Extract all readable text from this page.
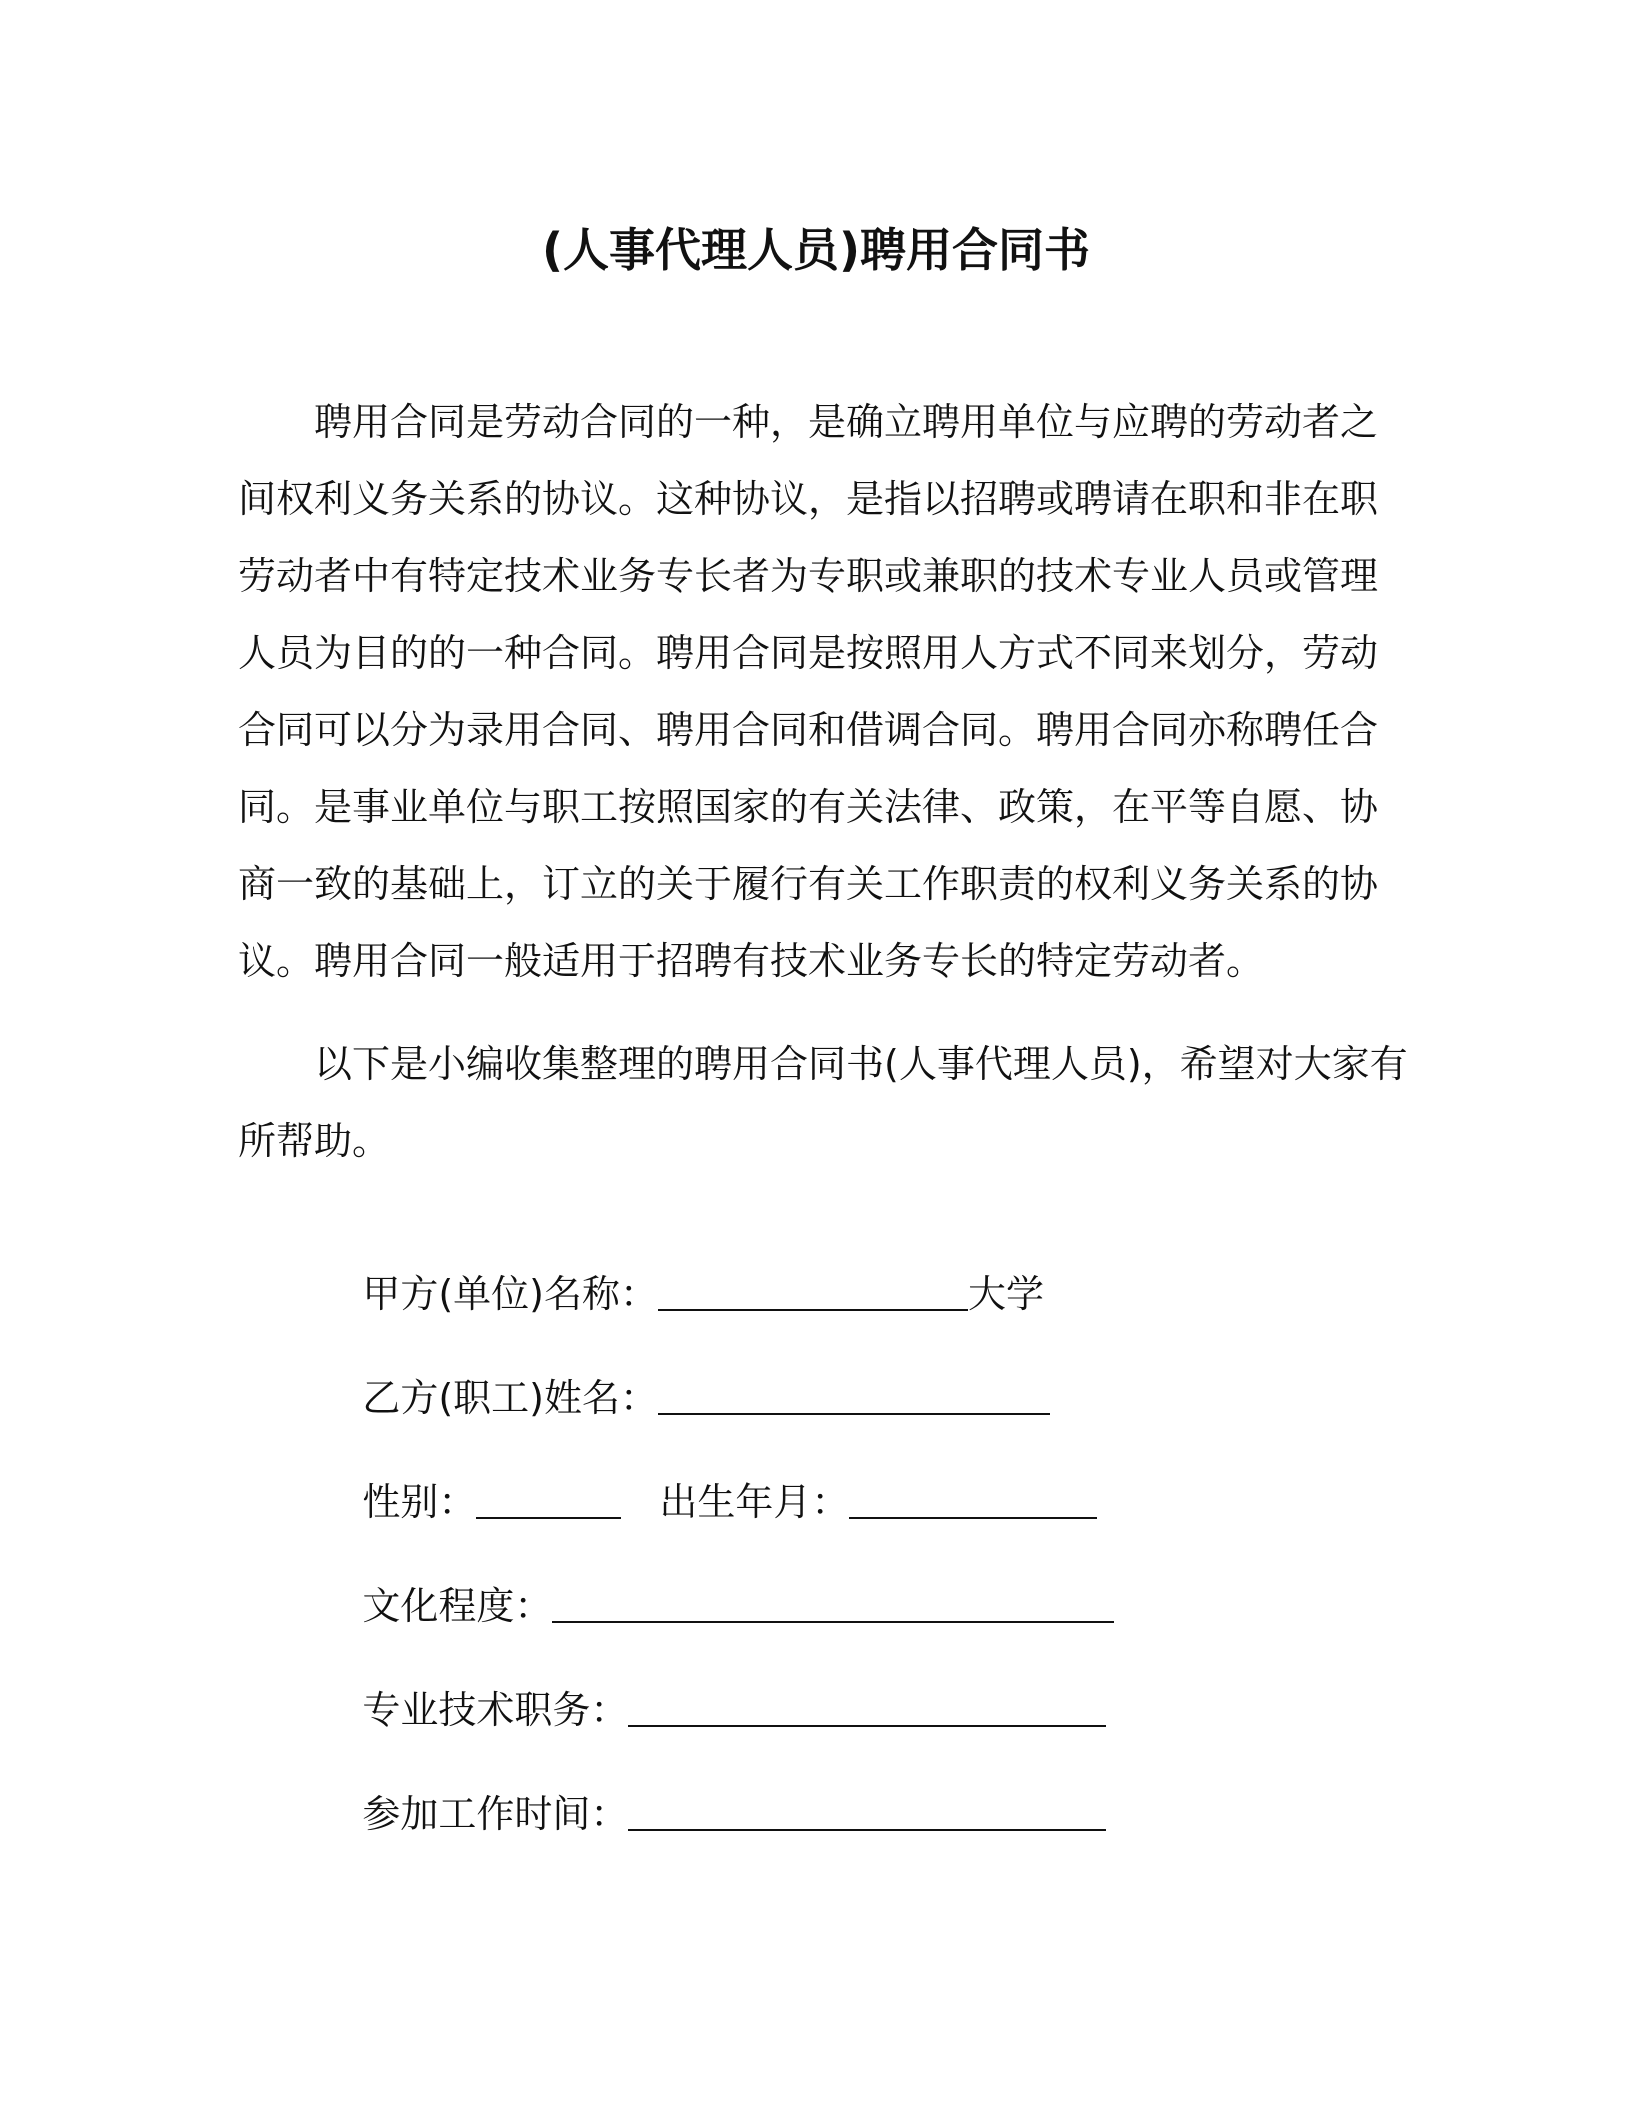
(人事代理人员)聘用合同书
聘用合同是劳动合同的一种，是确立聘用单位与应聘的劳动者之
间权利义务关系的协议。这种协议，是指以招聘或聘请在职和非在职
劳动者中有特定技术业务专长者为专职或兼职的技术专业人员或管理
人员为目的的一种合同。聘用合同是按照用人方式不同来划分，劳动
合同可以分为录用合同、聘用合同和借调合同。聘用合同亦称聘任合
同。是事业单位与职工按照国家的有关法律、政策，在平等自愿、协
商一致的基础上，订立的关于履行有关工作职责的权利义务关系的协
议。聘用合同一般适用于招聘有技术业务专长的特定劳动者。
以下是小编收集整理的聘用合同书(人事代理人员)，希望对大家有
所帮助。

甲方(单位)名称：	大学

乙方(职工)姓名：

性别：	出生年月：

文化程度：

专业技术职务：

参加工作时间：
